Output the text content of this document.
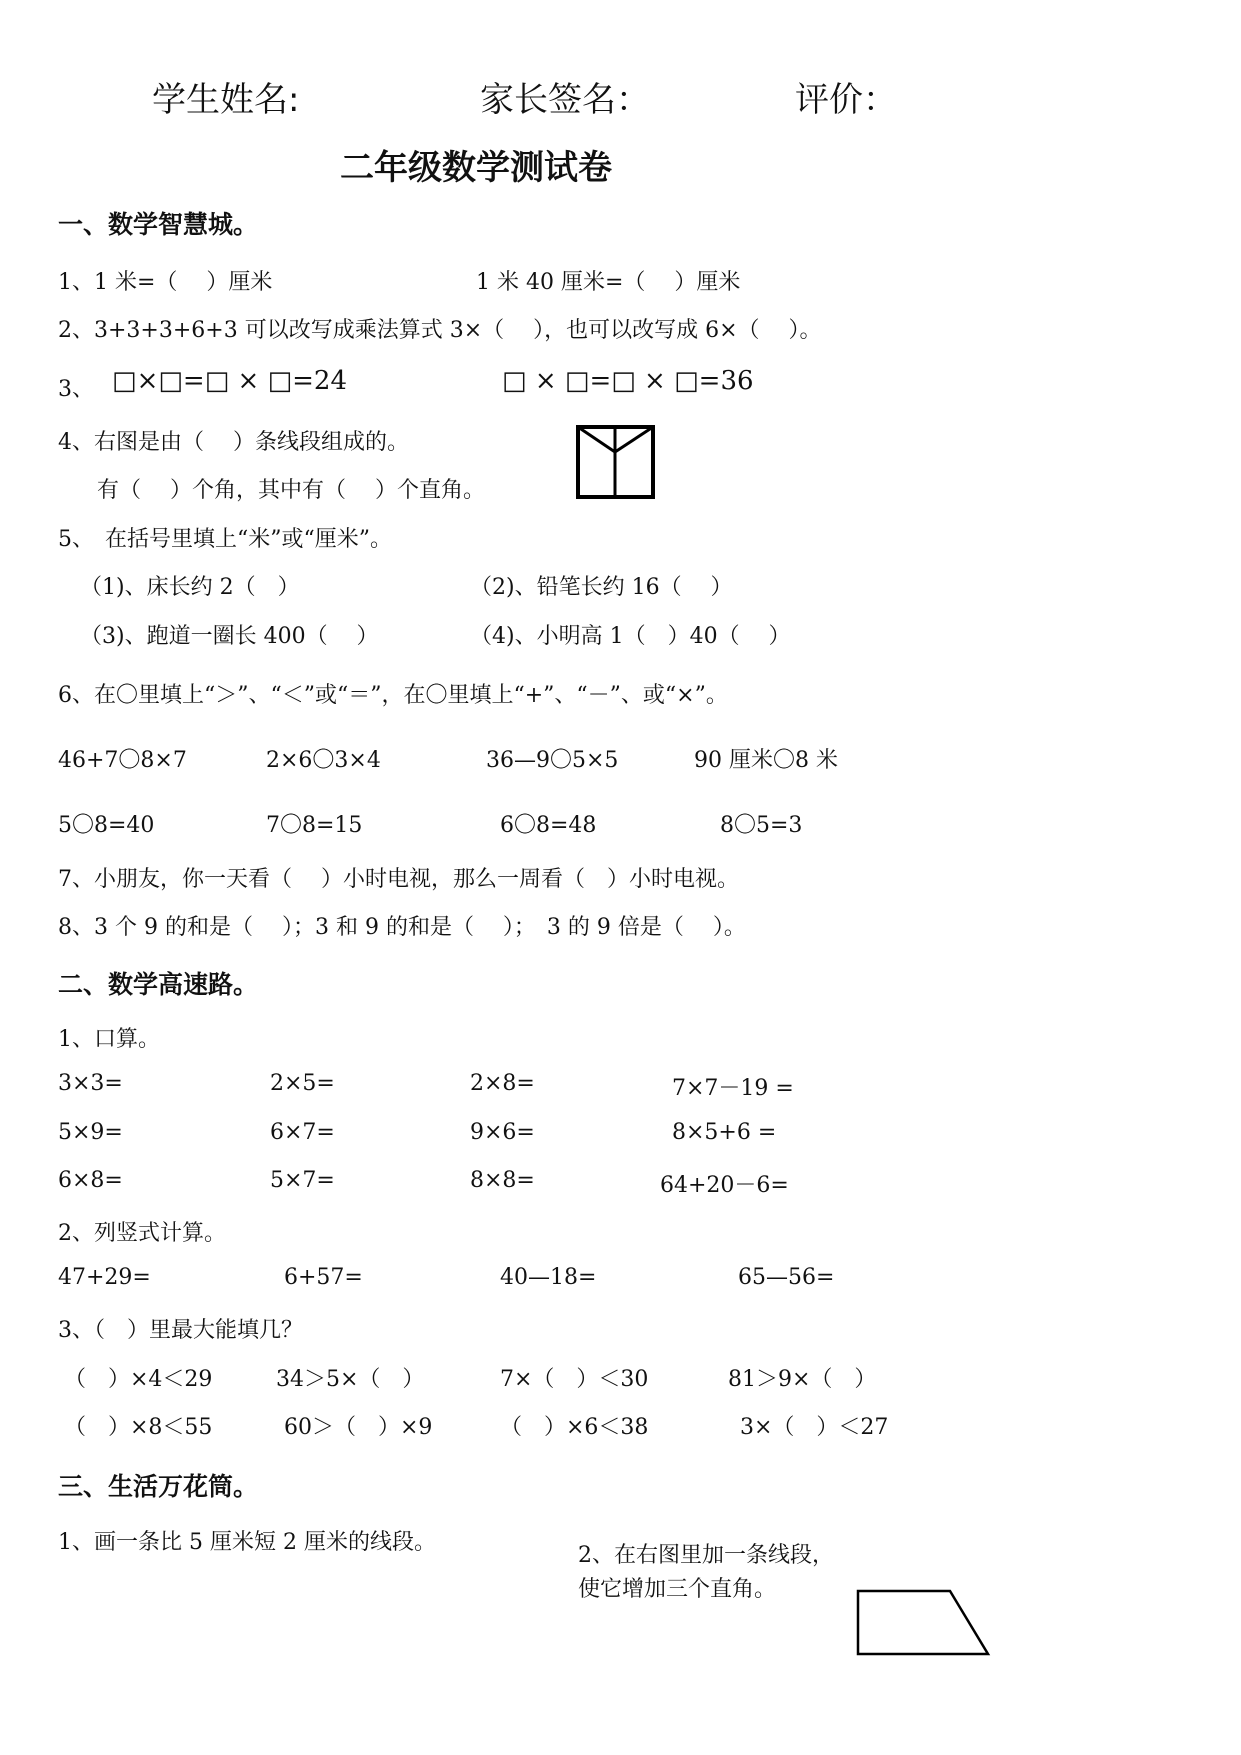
学生姓名:	家长签名：	评价：
二年级数学测试卷
一、数学智慧城。
1、1 米=（　 ）厘米	1 米 40 厘米=（　 ）厘米
2、3+3+3+6+3 可以改写成乘法算式 3×（　 ），也可以改写成 6×（　 ）。
3、 □×□=□ × □=24	□ × □=□ × □=36
4、右图是由（　 ）条线段组成的。
有（　 ）个角，其中有（　 ）个直角。
5、　在括号里填上“米”或“厘米”。
（1)、床长约 2（　）	（2)、铅笔长约 16（　 ）
（3)、跑道一圈长 400（　 ）	（4)、小明高 1（　）40（　 ）
6、在〇里填上“＞”、“＜”或“＝”，在〇里填上“+”、“－”、或“×”。
46+7〇8×7	2×6〇3×4	36—9〇5×5	90 厘米〇8 米
5〇8=40	7〇8=15	6〇8=48	8〇5=3
7、小朋友，你一天看（　 ）小时电视，那么一周看（　）小时电视。
8、3 个 9 的和是（　 ）；3 和 9 的和是（　 ）；　3 的 9 倍是（　 ）。
二、数学高速路。
1、口算。
3×3=	2×5=	2×8=	7×7－19 =
5×9=	6×7=	9×6=	8×5+6 =
6×8=	5×7=	8×8=	64+20－6=
2、列竖式计算。
47+29=	6+57=	40—18=	65—56=
3、（　）里最大能填几？
（　）×4＜29	34＞5×（　）	7×（　）＜30	81＞9×（　）
（　）×8＜55	60＞（　）×9	（　）×6＜38	3×（　）＜27
三、生活万花筒。
1、画一条比 5 厘米短 2 厘米的线段。
2、在右图里加一条线段，
使它增加三个直角。
